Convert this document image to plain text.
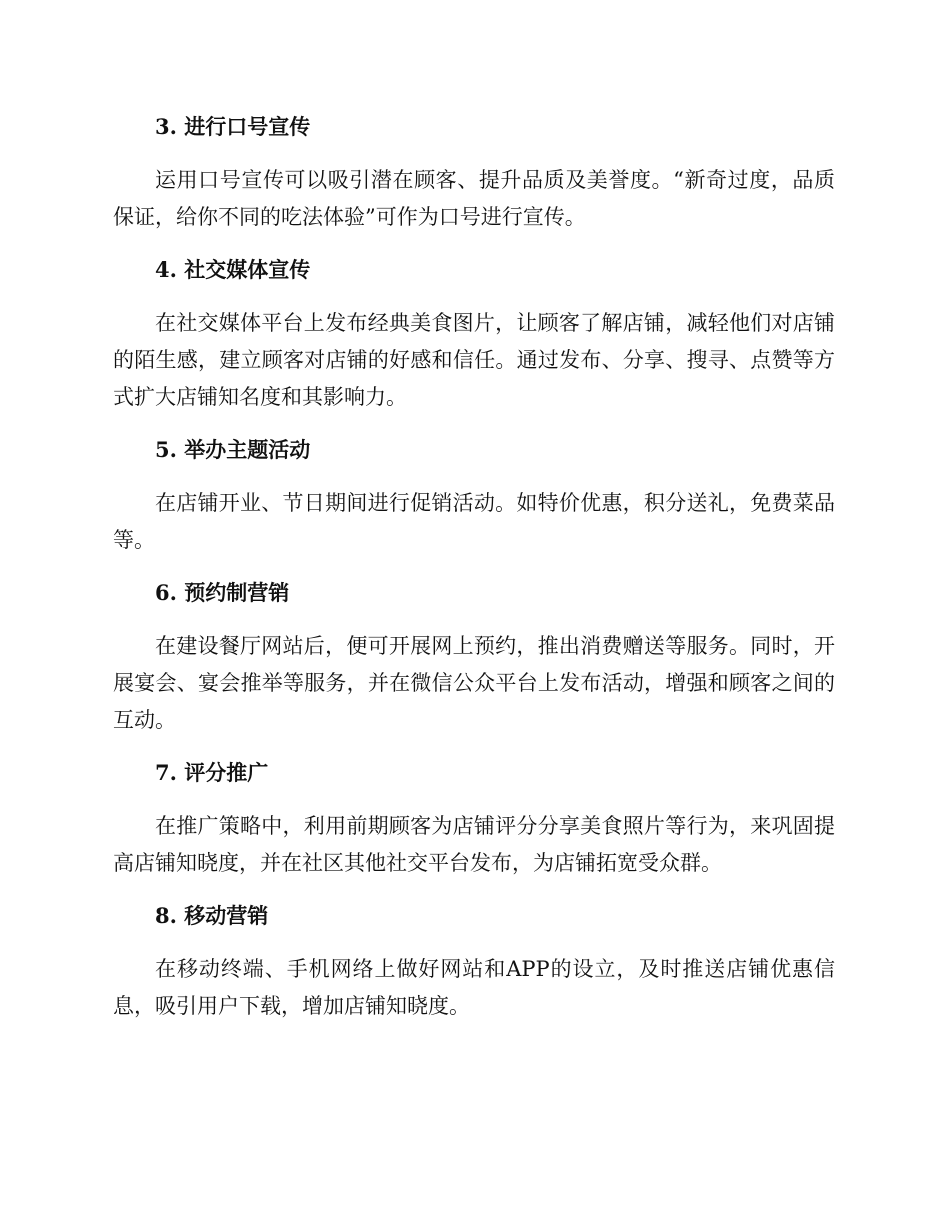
3. 进行口号宣传

运用口号宣传可以吸引潜在顾客、提升品质及美誉度。“新奇过度，品质保证，给你不同的吃法体验”可作为口号进行宣传。

4. 社交媒体宣传

在社交媒体平台上发布经典美食图片，让顾客了解店铺，减轻他们对店铺的陌生感，建立顾客对店铺的好感和信任。通过发布、分享、搜寻、点赞等方式扩大店铺知名度和其影响力。

5. 举办主题活动

在店铺开业、节日期间进行促销活动。如特价优惠，积分送礼，免费菜品等。

6. 预约制营销

在建设餐厅网站后，便可开展网上预约，推出消费赠送等服务。同时，开展宴会、宴会推举等服务，并在微信公众平台上发布活动，增强和顾客之间的互动。

7. 评分推广

在推广策略中，利用前期顾客为店铺评分分享美食照片等行为，来巩固提高店铺知晓度，并在社区其他社交平台发布，为店铺拓宽受众群。

8. 移动营销

在移动终端、手机网络上做好网站和APP的设立，及时推送店铺优惠信息，吸引用户下载，增加店铺知晓度。
